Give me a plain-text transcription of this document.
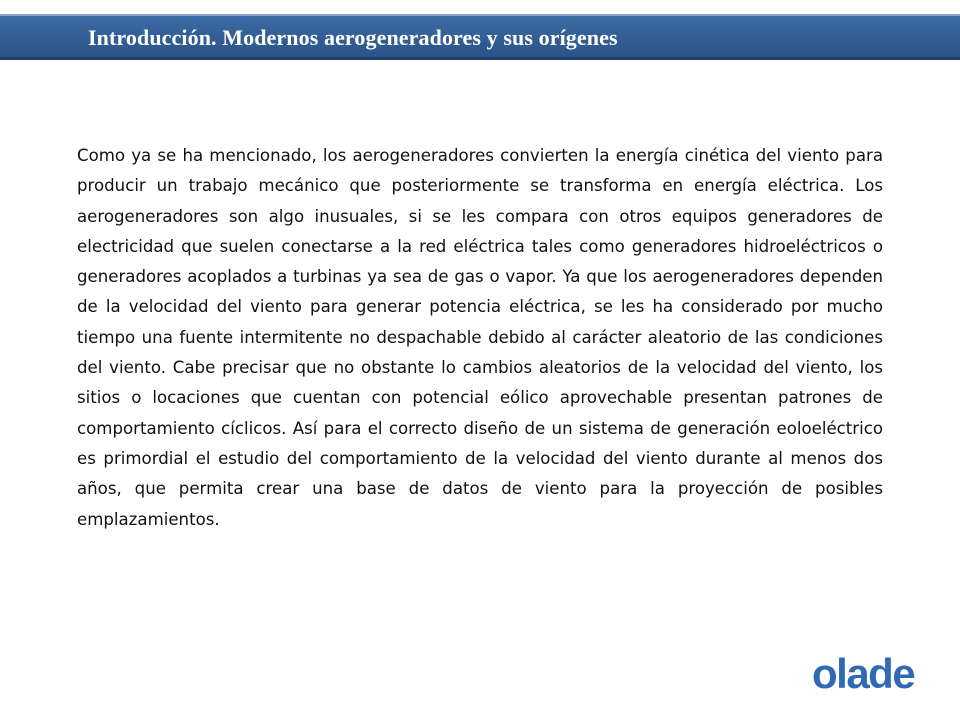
Introducción. Modernos aerogeneradores y sus orígenes

Como ya se ha mencionado, los aerogeneradores convierten la energía cinética del viento para producir un trabajo mecánico que posteriormente se transforma en energía eléctrica. Los aerogeneradores son algo inusuales, si se les compara con otros equipos generadores de electricidad que suelen conectarse a la red eléctrica tales como generadores hidroeléctricos o generadores acoplados a turbinas ya sea de gas o vapor. Ya que los aerogeneradores dependen de la velocidad del viento para generar potencia eléctrica, se les ha considerado por mucho tiempo una fuente intermitente no despachable debido al carácter aleatorio de las condiciones del viento. Cabe precisar que no obstante lo cambios aleatorios de la velocidad del viento, los sitios o locaciones que cuentan con potencial eólico aprovechable presentan patrones de comportamiento cíclicos. Así para el correcto diseño de un sistema de generación eoloeléctrico es primordial el estudio del comportamiento de la velocidad del viento durante al menos dos años, que permita crear una base de datos de viento para la proyección de posibles emplazamientos.

olade
